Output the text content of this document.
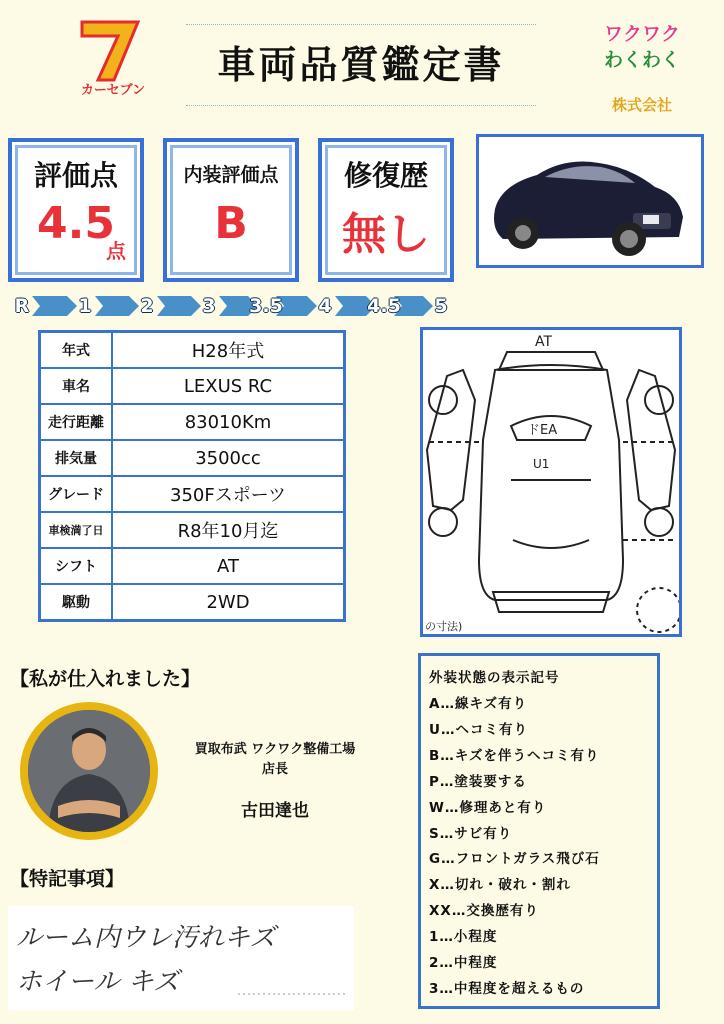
カーセブン
車両品質鑑定書
ワクワク
わくわく
株式会社
評価点
4.5
点
内装評価点
B
修復歴
無し
R	1	2	3 3.5 4 4.5 5
年式	H28年式
車名	LEXUS RC
走行距離	83010Km
排気量	3500cc
グレード	350Fスポーツ
車検満了日	R8年10月迄
シフト	AT
駆動	2WD
AT
ドEA
U1
の寸法)
【私が仕入れました】
買取布武 ワクワク整備工場
店長
古田達也
【特記事項】
ルーム内ウレ汚れキズ
ホイール キズ
外装状態の表示記号
A…線キズ有り
U…ヘコミ有り
B…キズを伴うヘコミ有り
P…塗装要する
W…修理あと有り
S…サビ有り
G…フロントガラス飛び石
X…切れ・破れ・割れ
XX…交換歴有り
1…小程度
2…中程度
3…中程度を超えるもの
